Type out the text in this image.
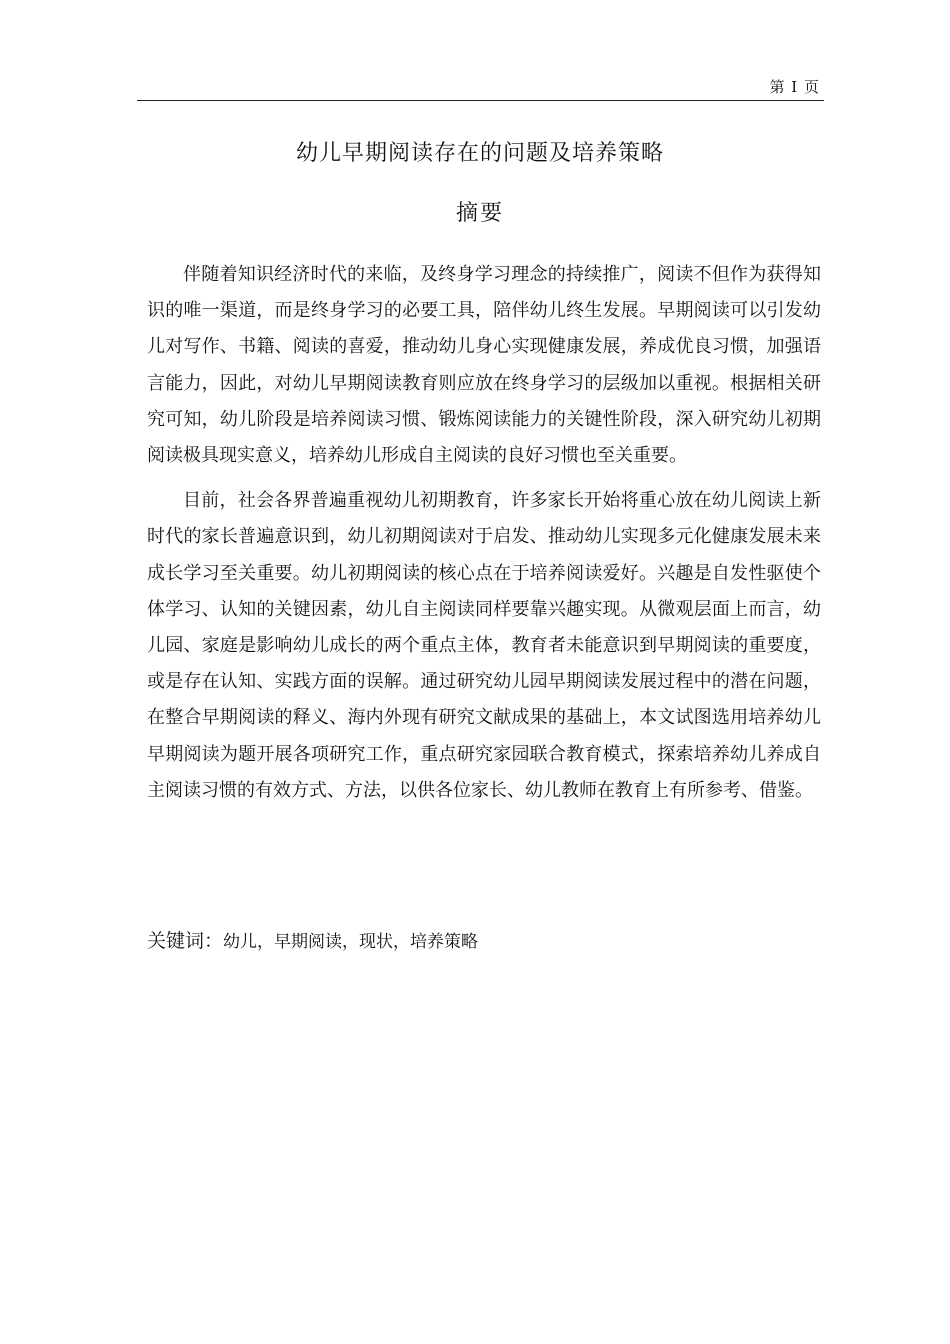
第 I 页
幼儿早期阅读存在的问题及培养策略
摘要

伴随着知识经济时代的来临，及终身学习理念的持续推广，阅读不但作为获得知识的唯一渠道，而是终身学习的必要工具，陪伴幼儿终生发展。早期阅读可以引发幼儿对写作、书籍、阅读的喜爱，推动幼儿身心实现健康发展，养成优良习惯，加强语言能力，因此，对幼儿早期阅读教育则应放在终身学习的层级加以重视。根据相关研究可知，幼儿阶段是培养阅读习惯、锻炼阅读能力的关键性阶段，深入研究幼儿初期阅读极具现实意义，培养幼儿形成自主阅读的良好习惯也至关重要。

目前，社会各界普遍重视幼儿初期教育，许多家长开始将重心放在幼儿阅读上新时代的家长普遍意识到，幼儿初期阅读对于启发、推动幼儿实现多元化健康发展未来成长学习至关重要。幼儿初期阅读的核心点在于培养阅读爱好。兴趣是自发性驱使个体学习、认知的关键因素，幼儿自主阅读同样要靠兴趣实现。从微观层面上而言，幼儿园、家庭是影响幼儿成长的两个重点主体，教育者未能意识到早期阅读的重要度，或是存在认知、实践方面的误解。通过研究幼儿园早期阅读发展过程中的潜在问题，在整合早期阅读的释义、海内外现有研究文献成果的基础上，本文试图选用培养幼儿早期阅读为题开展各项研究工作，重点研究家园联合教育模式，探索培养幼儿养成自主阅读习惯的有效方式、方法，以供各位家长、幼儿教师在教育上有所参考、借鉴。

关键词：幼儿，早期阅读，现状，培养策略
